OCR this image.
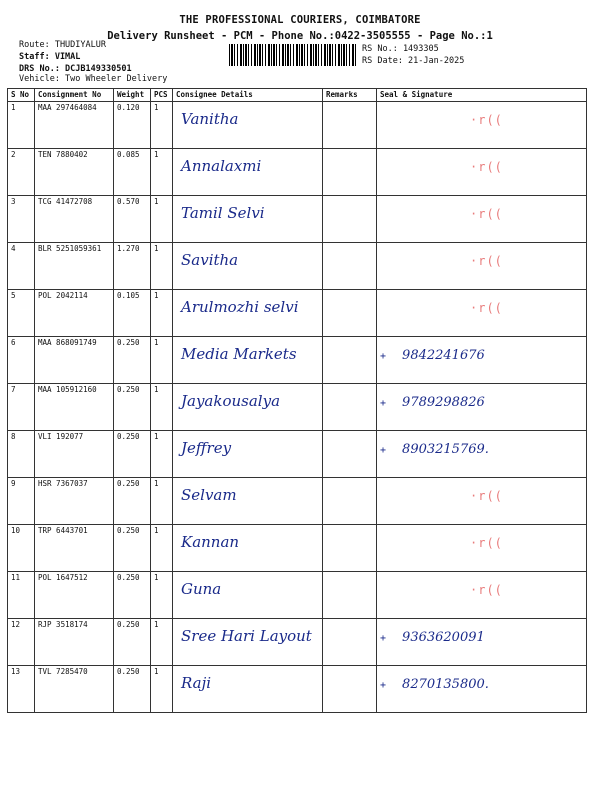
THE PROFESSIONAL COURIERS, COIMBATORE
Delivery Runsheet - PCM - Phone No.:0422-3505555 - Page No.:1
Route: THUDIYALUR
Staff: VIMAL
DRS No.: DCJB149330501
Vehicle: Two Wheeler Delivery
RS No.: 1493305
RS Date: 21-Jan-2025
S No	Consignment No	Weight	PCS	Consignee Details	Remarks	Seal & Signature
1	MAA 297464084	0.120	1	Vanitha		·r((
2	TEN 7880402	0.085	1	Annalaxmi		·r((
3	TCG 41472708	0.570	1	Tamil Selvi		·r((
4	BLR 5251059361	1.270	1	Savitha		·r((
5	POL 2042114	0.105	1	Arulmozhi selvi		·r((
6	MAA 868091749	0.250	1	Media Markets		+ 9842241676
7	MAA 105912160	0.250	1	Jayakousalya		+ 9789298826
8	VLI 192077	0.250	1	Jeffrey		+ 8903215769.
9	HSR 7367037	0.250	1	Selvam		·r((
10	TRP 6443701	0.250	1	Kannan		·r((
11	POL 1647512	0.250	1	Guna		·r((
12	RJP 3518174	0.250	1	Sree Hari Layout		+ 9363620091
13	TVL 7285470	0.250	1	Raji		+ 8270135800.
